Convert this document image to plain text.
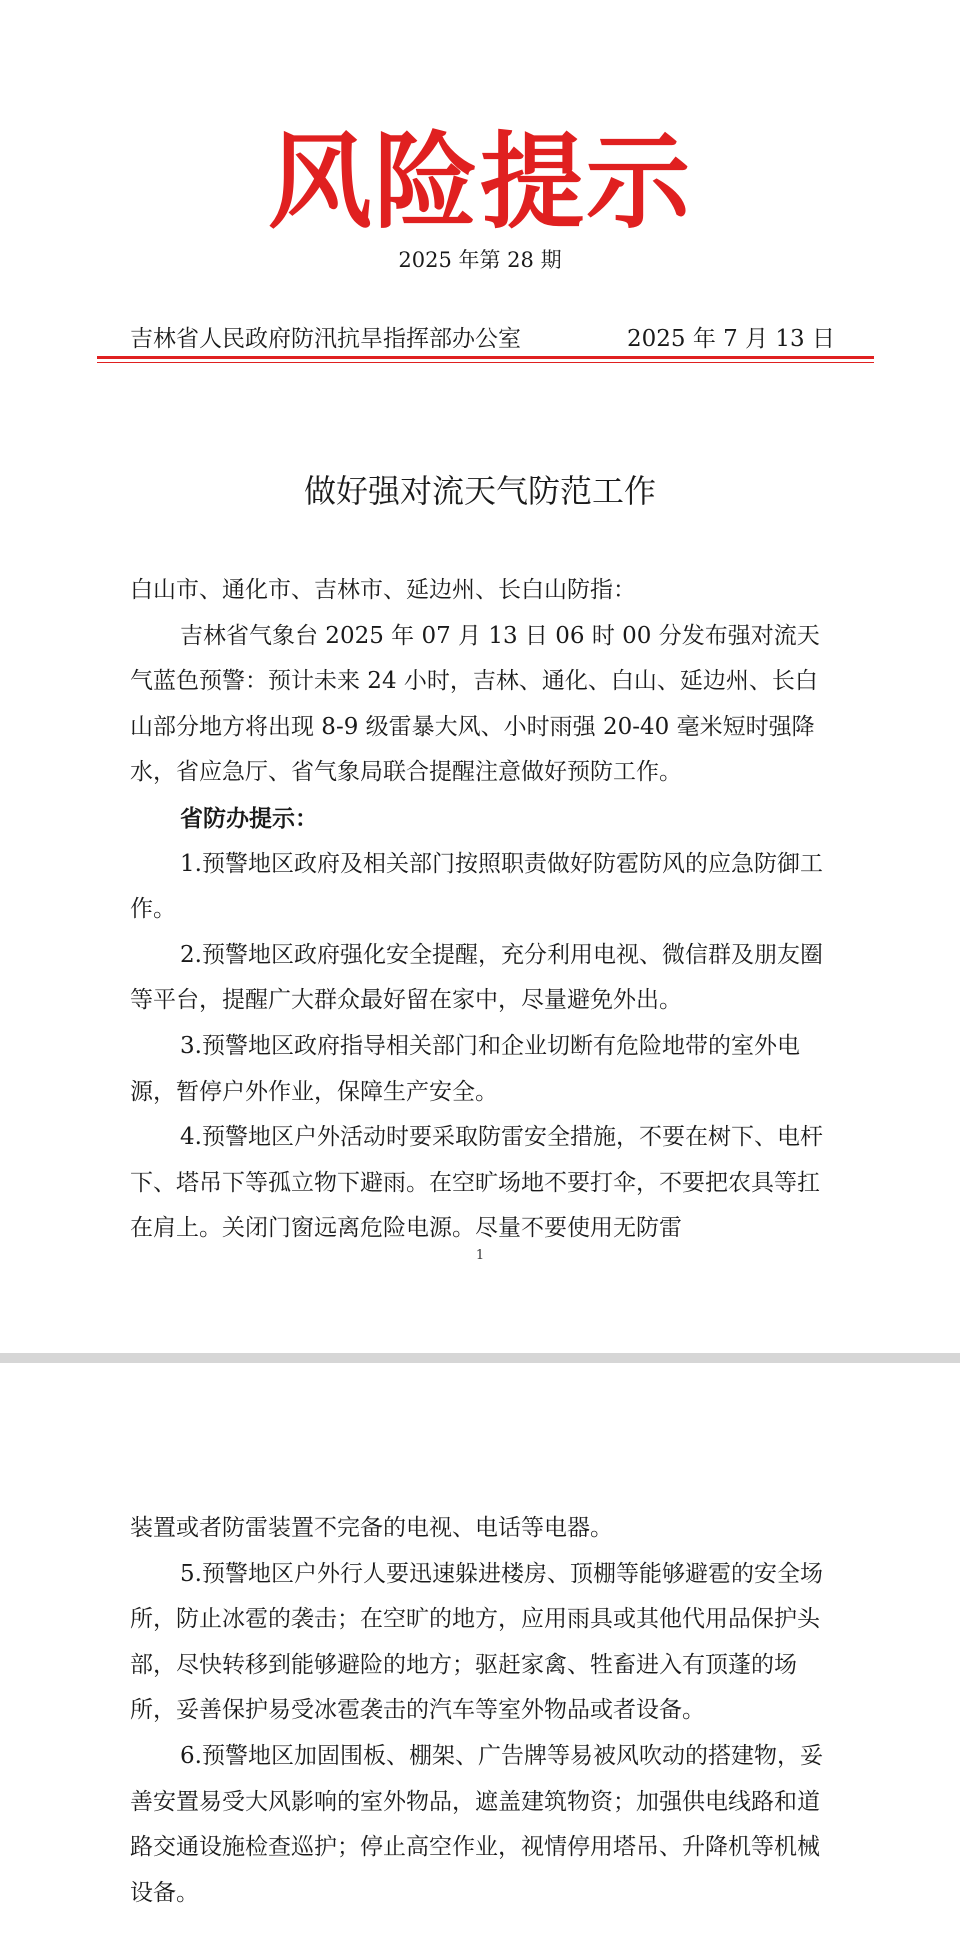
风险提示
2025 年第 28 期
吉林省人民政府防汛抗旱指挥部办公室	2025 年 7 月 13 日
做好强对流天气防范工作

白山市、通化市、吉林市、延边州、长白山防指：

吉林省气象台 2025 年 07 月 13 日 06 时 00 分发布强对流天气蓝色预警：预计未来 24 小时，吉林、通化、白山、延边州、长白山部分地方将出现 8-9 级雷暴大风、小时雨强 20-40 毫米短时强降水，省应急厅、省气象局联合提醒注意做好预防工作。

省防办提示：

1.预警地区政府及相关部门按照职责做好防雹防风的应急防御工作。

2.预警地区政府强化安全提醒，充分利用电视、微信群及朋友圈等平台，提醒广大群众最好留在家中，尽量避免外出。

3.预警地区政府指导相关部门和企业切断有危险地带的室外电源，暂停户外作业，保障生产安全。

4.预警地区户外活动时要采取防雷安全措施，不要在树下、电杆下、塔吊下等孤立物下避雨。在空旷场地不要打伞，不要把农具等扛在肩上。关闭门窗远离危险电源。尽量不要使用无防雷

1

装置或者防雷装置不完备的电视、电话等电器。

5.预警地区户外行人要迅速躲进楼房、顶棚等能够避雹的安全场所，防止冰雹的袭击；在空旷的地方，应用雨具或其他代用品保护头部，尽快转移到能够避险的地方；驱赶家禽、牲畜进入有顶蓬的场所，妥善保护易受冰雹袭击的汽车等室外物品或者设备。

6.预警地区加固围板、棚架、广告牌等易被风吹动的搭建物，妥善安置易受大风影响的室外物品，遮盖建筑物资；加强供电线路和道路交通设施检查巡护；停止高空作业，视情停用塔吊、升降机等机械设备。
